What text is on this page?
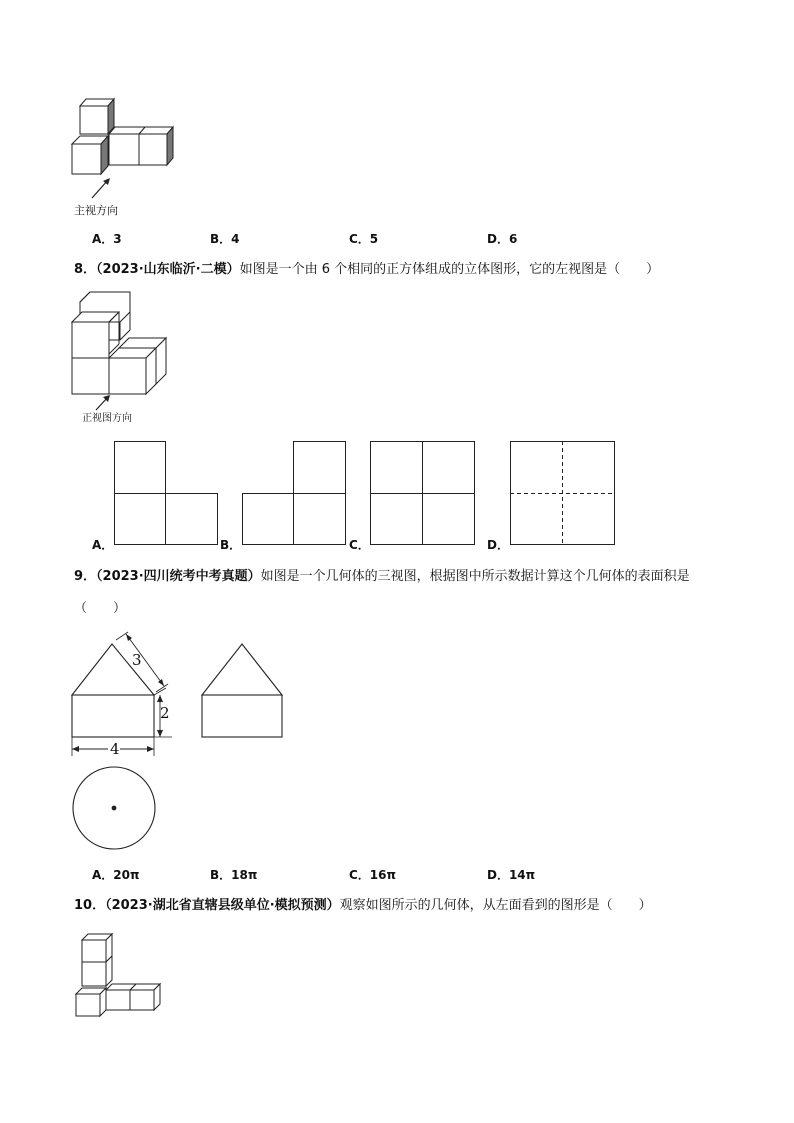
主视方向
A．3	B．4	C．5	D．6
8．（2023·山东临沂·二模）如图是一个由 6 个相同的正方体组成的立体图形，它的左视图是（　　）
正视图方向
A．	B．	C．	D．
9．（2023·四川统考中考真题）如图是一个几何体的三视图，根据图中所示数据计算这个几何体的表面积是
（　　）
3
2
4
A．20π	B．18π	C．16π	D．14π
10．（2023·湖北省直辖县级单位·模拟预测）观察如图所示的几何体，从左面看到的图形是（　　）
